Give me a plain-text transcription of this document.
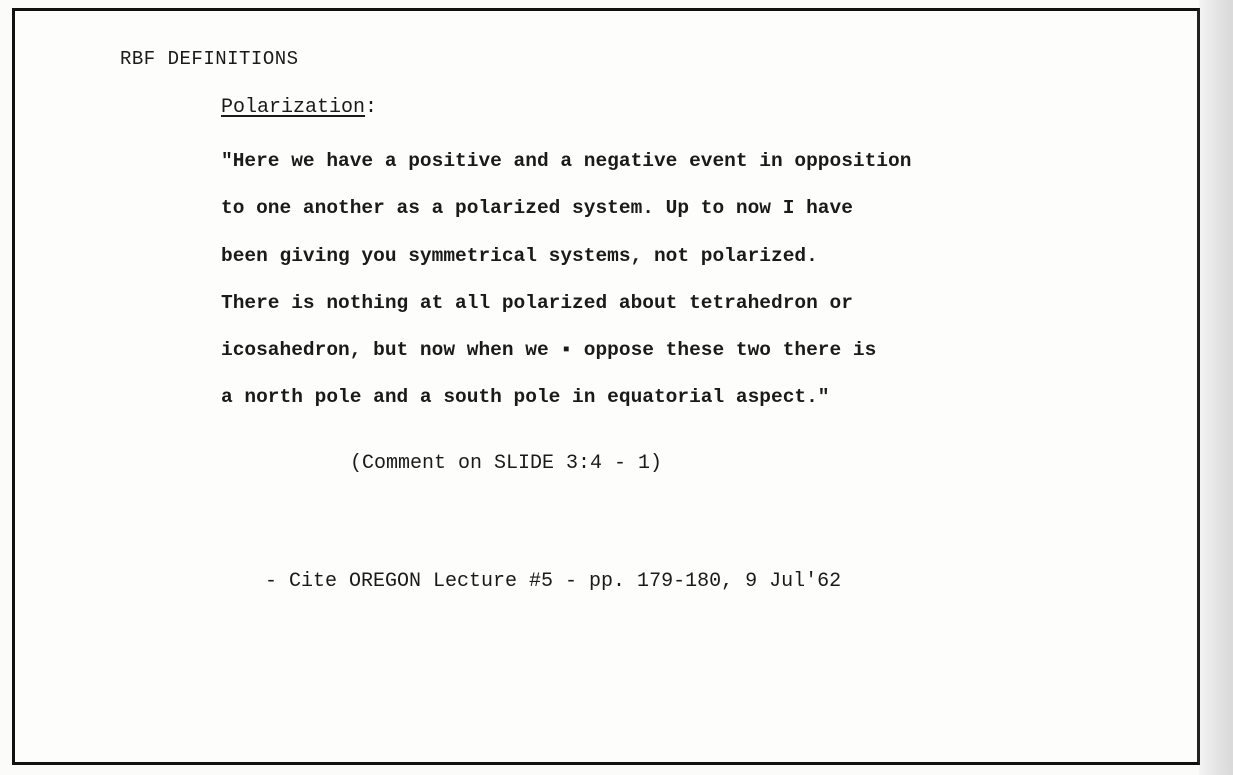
RBF DEFINITIONS

Polarization:

"Here we have a positive and a negative event in opposition
to one another as a polarized system. Up to now I have
been giving you symmetrical systems, not polarized.
There is nothing at all polarized about tetrahedron or
icosahedron, but now when we ▪ oppose these two there is
a north pole and a south pole in equatorial aspect."

(Comment on SLIDE 3:4 - 1)

- Cite OREGON Lecture #5 - pp. 179-180, 9 Jul'62
